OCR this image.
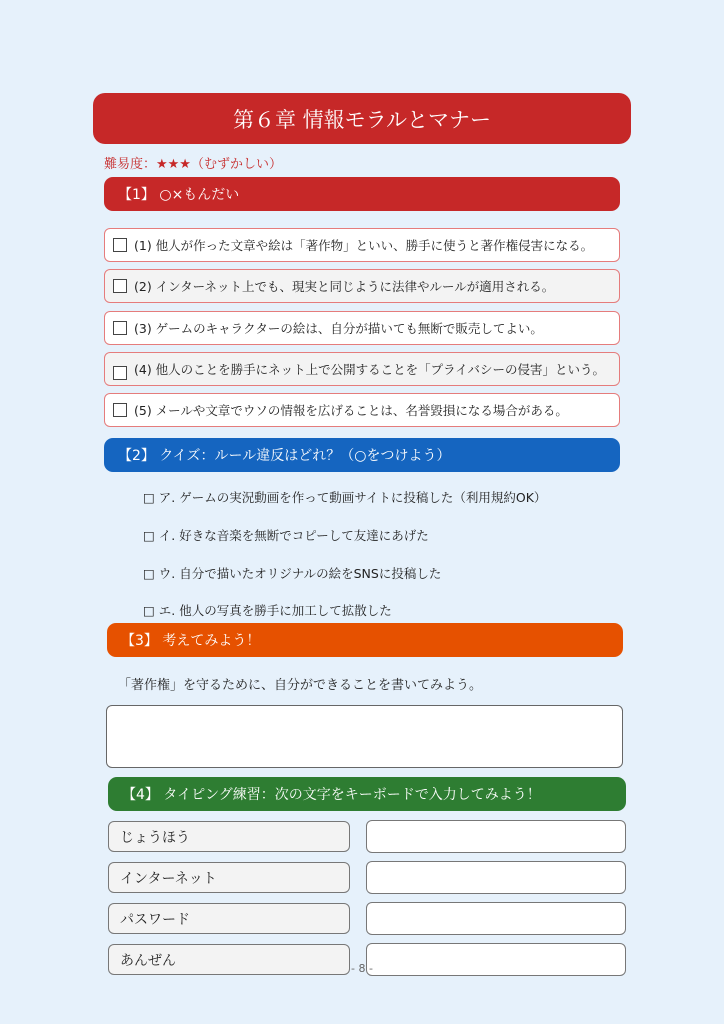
第６章 情報モラルとマナー
難易度：★★★（むずかしい）
【1】 ○×もんだい
(1) 他人が作った文章や絵は「著作物」といい、勝手に使うと著作権侵害になる。
(2) インターネット上でも、現実と同じように法律やルールが適用される。
(3) ゲームのキャラクターの絵は、自分が描いても無断で販売してよい。
(4) 他人のことを勝手にネット上で公開することを「プライバシーの侵害」という。
(5) メールや文章でウソの情報を広げることは、名誉毀損になる場合がある。
【2】 クイズ：ルール違反はどれ？（○をつけよう）
□ ア. ゲームの実況動画を作って動画サイトに投稿した（利用規約OK）
□ イ. 好きな音楽を無断でコピーして友達にあげた
□ ウ. 自分で描いたオリジナルの絵をSNSに投稿した
□ エ. 他人の写真を勝手に加工して拡散した
【3】 考えてみよう！
「著作権」を守るために、自分ができることを書いてみよう。
【4】 タイピング練習：次の文字をキーボードで入力してみよう！
じょうほう
インターネット
パスワード
あんぜん	- 8 -
